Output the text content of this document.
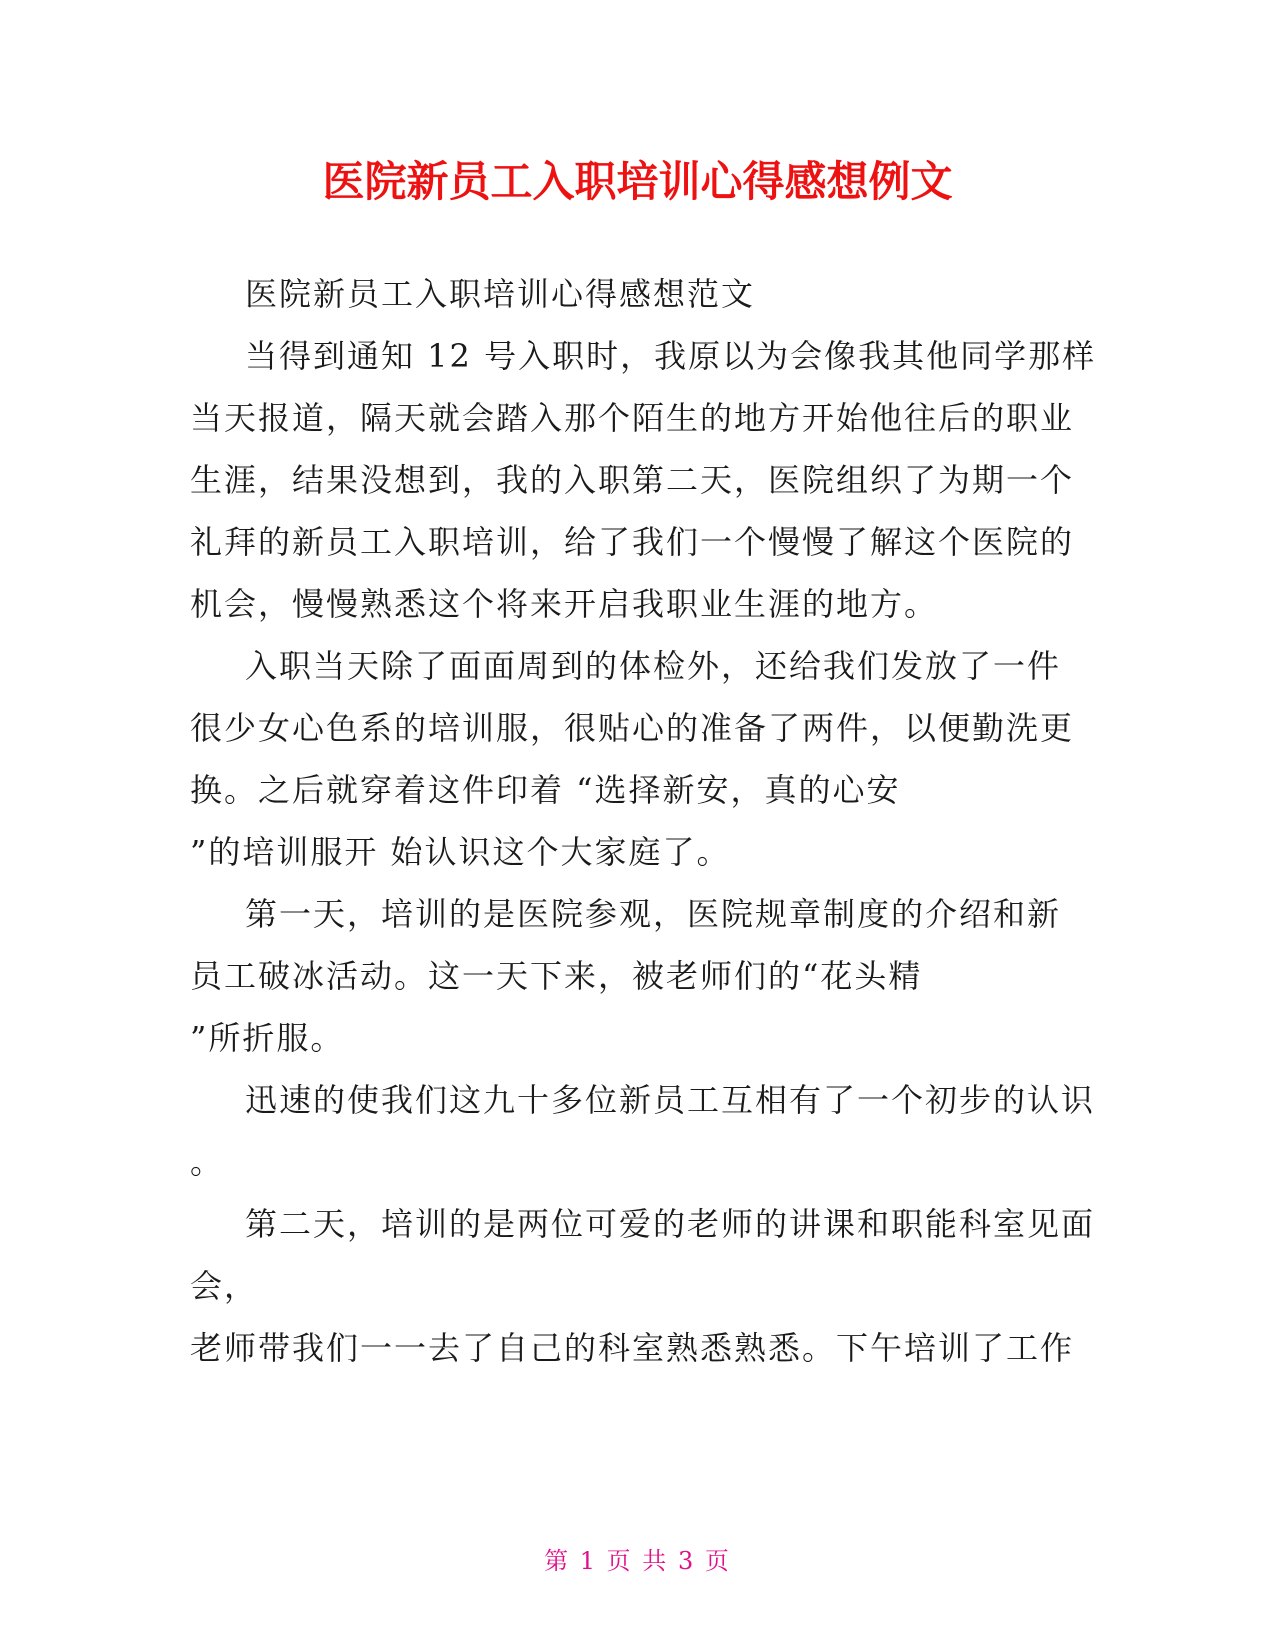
医院新员工入职培训心得感想例文

医院新员工入职培训心得感想范文

当得到通知 12 号入职时，我原以为会像我其他同学那样

当天报道，隔天就会踏入那个陌生的地方开始他往后的职业

生涯，结果没想到，我的入职第二天，医院组织了为期一个

礼拜的新员工入职培训，给了我们一个慢慢了解这个医院的

机会，慢慢熟悉这个将来开启我职业生涯的地方。

入职当天除了面面周到的体检外，还给我们发放了一件

很少女心色系的培训服，很贴心的准备了两件，以便勤洗更

换。之后就穿着这件印着 “选择新安，真的心安

”的培训服开 始认识这个大家庭了。

第一天，培训的是医院参观，医院规章制度的介绍和新

员工破冰活动。这一天下来，被老师们的“花头精

”所折服。

迅速的使我们这九十多位新员工互相有了一个初步的认识

。

第二天，培训的是两位可爱的老师的讲课和职能科室见面

会，

老师带我们一一去了自己的科室熟悉熟悉。下午培训了工作

第 1 页 共 3 页
